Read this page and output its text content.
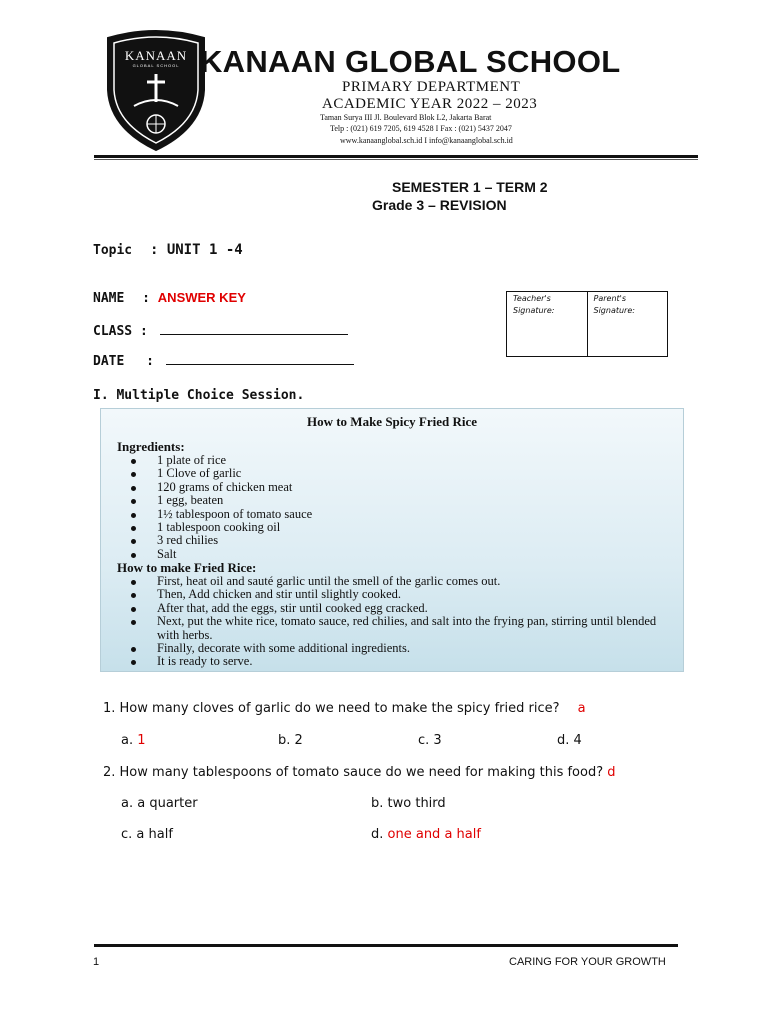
KANAAN
GLOBAL SCHOOL KANAAN GLOBAL SCHOOL
PRIMARY DEPARTMENT
ACADEMIC YEAR 2022 – 2023
Taman Surya III Jl. Boulevard Blok L2, Jakarta Barat
Telp : (021) 619 7205, 619 4528 I Fax : (021) 5437 2047
www.kanaanglobal.sch.id I info@kanaanglobal.sch.id
SEMESTER 1 – TERM 2
Grade 3 – REVISION
Topic : UNIT 1 -4
NAME : ANSWER KEY
CLASS :
DATE :
Teacher's Signature:
Parent's Signature:
I. Multiple Choice Session.
How to Make Spicy Fried Rice
Ingredients:
1 plate of rice
1 Clove of garlic
120 grams of chicken meat
1 egg, beaten
1½ tablespoon of tomato sauce
1 tablespoon cooking oil
3 red chilies
Salt
How to make Fried Rice:
First, heat oil and sauté garlic until the smell of the garlic comes out.
Then, Add chicken and stir until slightly cooked.
After that, add the eggs, stir until cooked egg cracked.
Next, put the white rice, tomato sauce, red chilies, and salt into the frying pan, stirring until blended with herbs.
Finally, decorate with some additional ingredients.
It is ready to serve.
1. How many cloves of garlic do we need to make the spicy fried rice? a
a. 1	b. 2	c. 3	d. 4
2. How many tablespoons of tomato sauce do we need for making this food? d
a. a quarter	b. two third
c. a half	d. one and a half
1	CARING FOR YOUR GROWTH
